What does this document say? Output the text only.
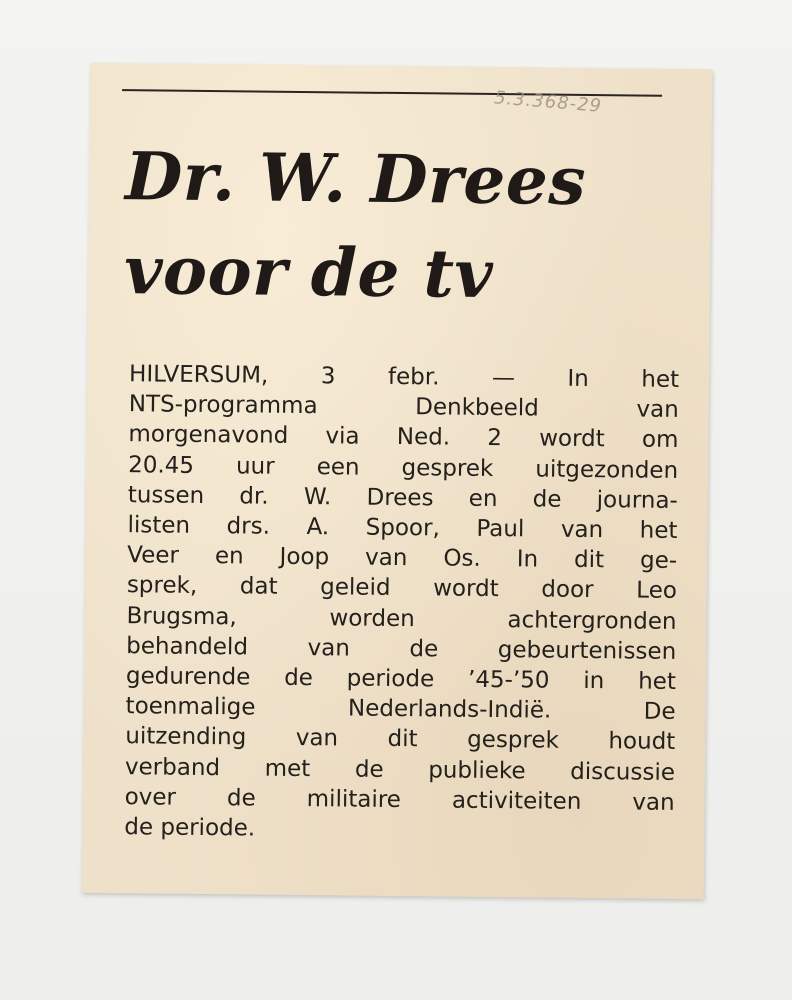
5.3.368-29
Dr. W. Drees
voor de tv
HILVERSUM, 3 febr. — In het
NTS-programma Denkbeeld van
morgenavond via Ned. 2 wordt om
20.45 uur een gesprek uitgezonden
tussen dr. W. Drees en de journa-
listen drs. A. Spoor, Paul van het
Veer en Joop van Os. In dit ge-
sprek, dat geleid wordt door Leo
Brugsma, worden achtergronden
behandeld van de gebeurtenissen
gedurende de periode ’45-’50 in het
toenmalige Nederlands-Indië. De
uitzending van dit gesprek houdt
verband met de publieke discussie
over de militaire activiteiten van
de periode.
